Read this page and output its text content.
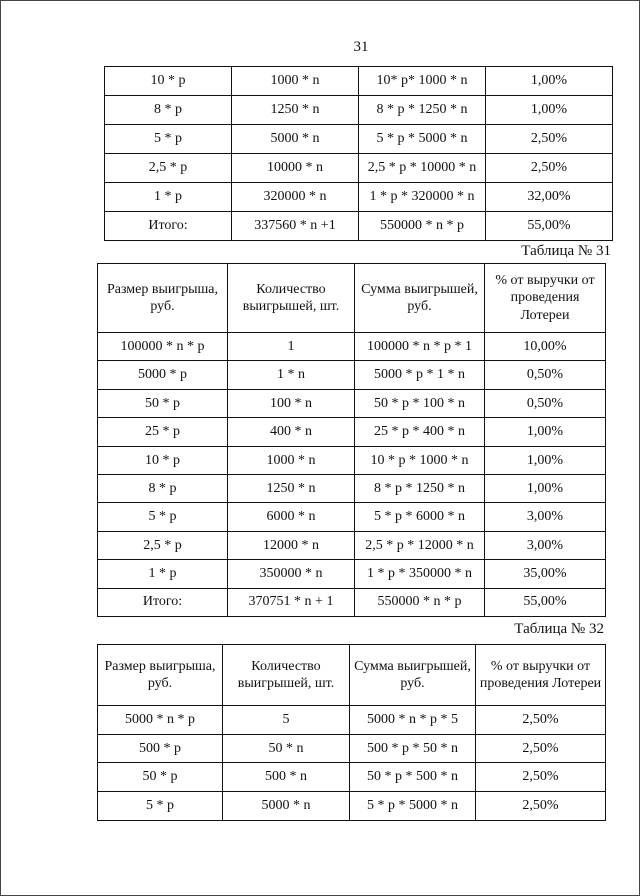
31
10 * p	1000 * n	10* p* 1000 * n	1,00%
8 * p	1250 * n	8 * p * 1250 * n	1,00%
5 * p	5000 * n	5 * p * 5000 * n	2,50%
2,5 * p	10000 * n	2,5 * p * 10000 * n	2,50%
1 * p	320000 * n	1 * p * 320000 * n	32,00%
Итого:	337560 * n +1	550000 * n * p	55,00%
Таблица № 31
Размер выигрыша, руб.	Количество выигрышей, шт.	Сумма выигрышей, руб.	% от выручки от проведения Лотереи
100000 * n * p	1	100000 * n * p * 1	10,00%
5000 * p	1 * n	5000 * p * 1 * n	0,50%
50 * p	100 * n	50 * p * 100 * n	0,50%
25 * p	400 * n	25 * p * 400 * n	1,00%
10 * p	1000 * n	10 * p * 1000 * n	1,00%
8 * p	1250 * n	8 * p * 1250 * n	1,00%
5 * p	6000 * n	5 * p * 6000 * n	3,00%
2,5 * p	12000 * n	2,5 * p * 12000 * n	3,00%
1 * p	350000 * n	1 * p * 350000 * n	35,00%
Итого:	370751 * n + 1	550000 * n * p	55,00%
Таблица № 32
Размер выигрыша, руб.	Количество выигрышей, шт.	Сумма выигрышей, руб.	% от выручки от проведения Лотереи
5000 * n * p	5	5000 * n * p * 5	2,50%
500 * p	50 * n	500 * p * 50 * n	2,50%
50 * p	500 * n	50 * p * 500 * n	2,50%
5 * p	5000 * n	5 * p * 5000 * n	2,50%
